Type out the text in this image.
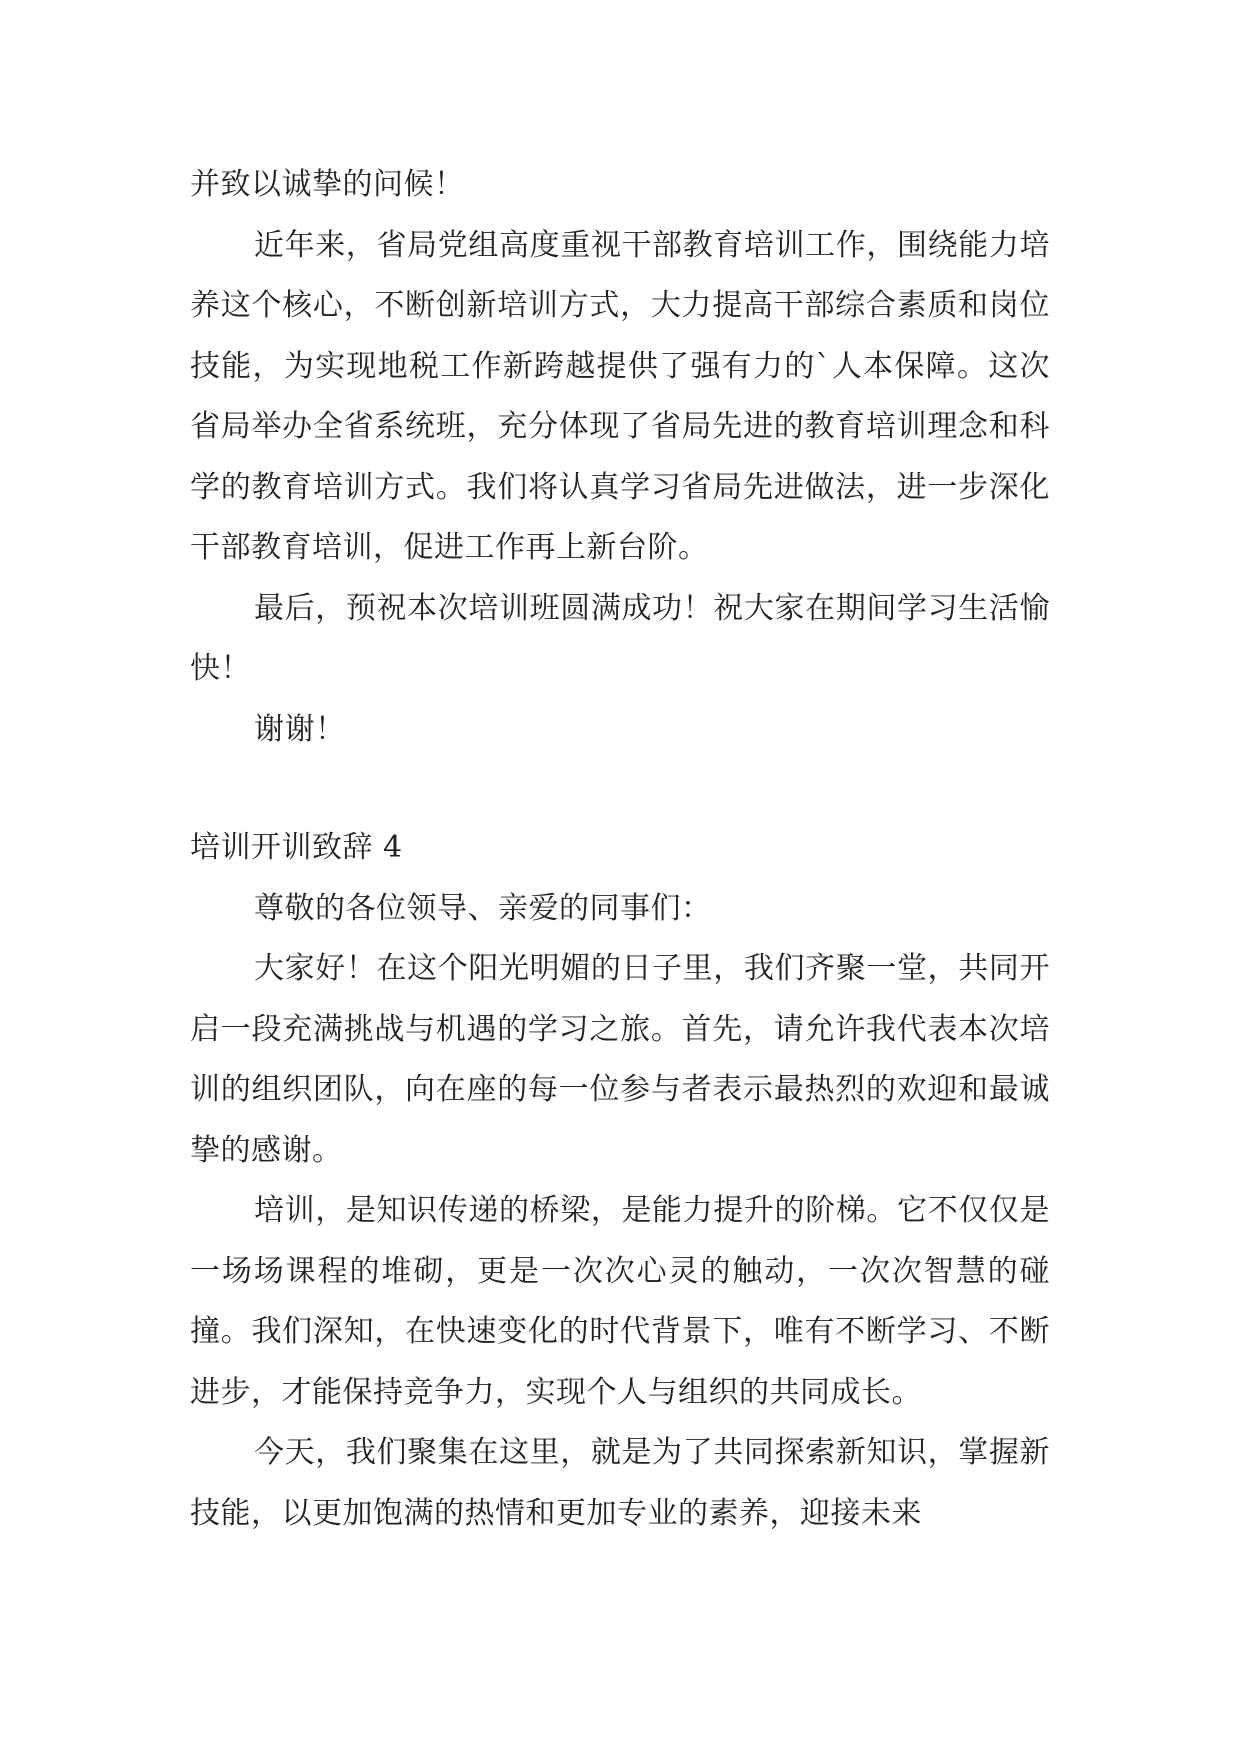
并致以诚挚的问候！

近年来，省局党组高度重视干部教育培训工作，围绕能力培养这个核心，不断创新培训方式，大力提高干部综合素质和岗位技能，为实现地税工作新跨越提供了强有力的`人本保障。这次省局举办全省系统班，充分体现了省局先进的教育培训理念和科学的教育培训方式。我们将认真学习省局先进做法，进一步深化干部教育培训，促进工作再上新台阶。

最后，预祝本次培训班圆满成功！祝大家在期间学习生活愉快！

谢谢！

培训开训致辞 4

尊敬的各位领导、亲爱的同事们：

大家好！在这个阳光明媚的日子里，我们齐聚一堂，共同开启一段充满挑战与机遇的学习之旅。首先，请允许我代表本次培训的组织团队，向在座的每一位参与者表示最热烈的欢迎和最诚挚的感谢。

培训，是知识传递的桥梁，是能力提升的阶梯。它不仅仅是一场场课程的堆砌，更是一次次心灵的触动，一次次智慧的碰撞。我们深知，在快速变化的时代背景下，唯有不断学习、不断进步，才能保持竞争力，实现个人与组织的共同成长。

今天，我们聚集在这里，就是为了共同探索新知识，掌握新技能，以更加饱满的热情和更加专业的素养，迎接未来
